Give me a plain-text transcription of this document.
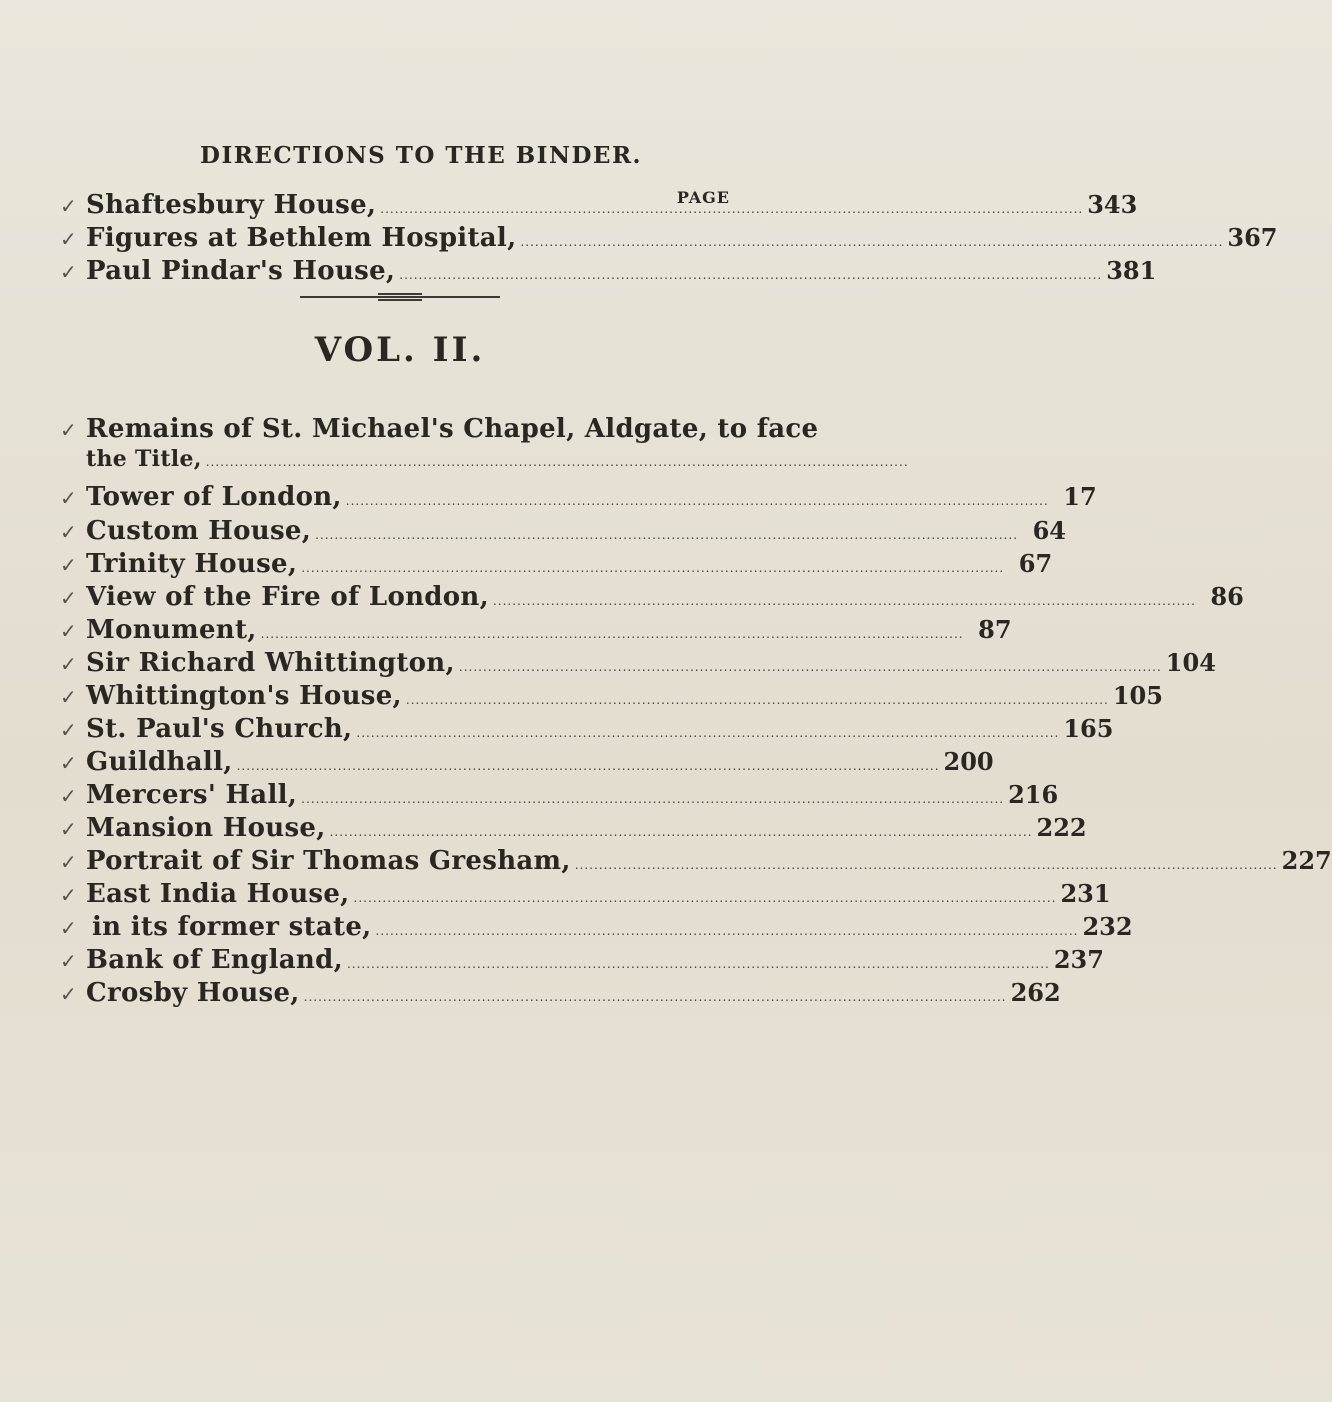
DIRECTIONS TO THE BINDER.
PAGE
✓ Shaftesbury House, .................................................................................................................................................. 343
✓ Figures at Bethlem Hospital, .................................................................................................................................................. 367
✓ Paul Pindar's House, .................................................................................................................................................. 381
VOL. II.
✓ Remains of St. Michael's Chapel, Aldgate, to face
the Title, ..................................................................................................................................................
✓ Tower of London, .................................................................................................................................................. 17
✓ Custom House, .................................................................................................................................................. 64
✓ Trinity House, .................................................................................................................................................. 67
✓ View of the Fire of London, .................................................................................................................................................. 86
✓ Monument, .................................................................................................................................................. 87
✓ Sir Richard Whittington, .................................................................................................................................................. 104
✓ Whittington's House, .................................................................................................................................................. 105
✓ St. Paul's Church, .................................................................................................................................................. 165
✓ Guildhall, .................................................................................................................................................. 200
✓ Mercers' Hall, .................................................................................................................................................. 216
✓ Mansion House, .................................................................................................................................................. 222
✓ Portrait of Sir Thomas Gresham, .................................................................................................................................................. 227
✓ East India House, .................................................................................................................................................. 231
✓ in its former state, .................................................................................................................................................. 232
✓ Bank of England, .................................................................................................................................................. 237
✓ Crosby House, .................................................................................................................................................. 262
